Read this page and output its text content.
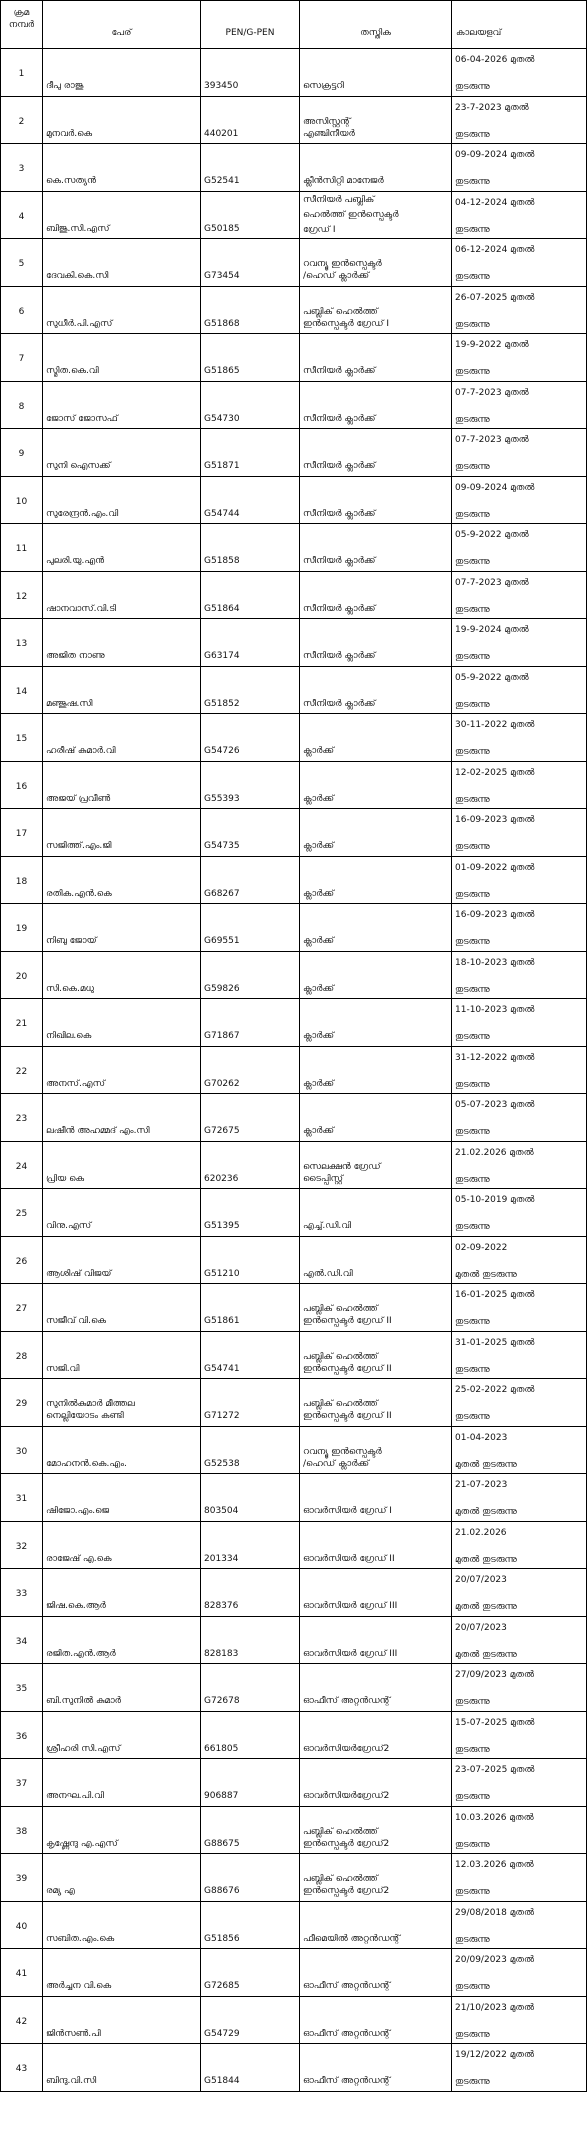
ക്രമ
നമ്പർ	പേര്	PEN/G-PEN	തസ്തിക	കാലയളവ്

1	ദീപു രാജു	393450	സെക്രട്ടറി	06-04-2026 മുതൽ
തുടരുന്നു

2	മുനവർ.കെ	440201	അസിസ്റ്റന്റ്
എഞ്ചിനീയർ	23-7-2023 മുതൽ
തുടരുന്നു

3	കെ.സത്യൻ	G52541	ക്ലീൻസിറ്റി മാനേജർ	09-09-2024 മുതൽ
തുടരുന്നു

4	ബിജു.സി.എസ്	G50185	സീനിയർ പബ്ലിക്
ഹെൽത്ത് ഇൻസ്പെക്ടർ
ഗ്രേഡ് I	04-12-2024 മുതൽ
തുടരുന്നു

5	ദേവകി.കെ.സി	G73454	റവന്യൂ ഇൻസ്പെക്ടർ
/ഹെഡ് ക്ലാർക്ക്	06-12-2024 മുതൽ
തുടരുന്നു

6	സുധീർ.പി.എസ്	G51868	പബ്ലിക് ഹെൽത്ത്
ഇൻസ്പെക്ടർ ഗ്രേഡ് I	26-07-2025 മുതൽ
തുടരുന്നു

7	സ്മിത.കെ.വി	G51865	സീനിയർ ക്ലാർക്ക്	19-9-2022 മുതൽ
തുടരുന്നു

8	ജോസ് ജോസഫ്	G54730	സീനിയർ ക്ലാർക്ക്	07-7-2023 മുതൽ
തുടരുന്നു

9	സുനി ഐസക്ക്	G51871	സീനിയർ ക്ലാർക്ക്	07-7-2023 മുതൽ
തുടരുന്നു

10	സുരേന്ദ്രൻ.എം.വി	G54744	സീനിയർ ക്ലാർക്ക്	09-09-2024 മുതൽ
തുടരുന്നു

11	പുലരി.യു.എൻ	G51858	സീനിയർ ക്ലാർക്ക്	05-9-2022 മുതൽ
തുടരുന്നു

12	ഷാനവാസ്.വി.ടി	G51864	സീനിയർ ക്ലാർക്ക്	07-7-2023 മുതൽ
തുടരുന്നു

13	അജിത നാണു	G63174	സീനിയർ ക്ലാർക്ക്	19-9-2024 മുതൽ
തുടരുന്നു

14	മഞ്ജുഷ.സി	G51852	സീനിയർ ക്ലാർക്ക്	05-9-2022 മുതൽ
തുടരുന്നു

15	ഹരീഷ് കുമാർ.വി	G54726	ക്ലാർക്ക്	30-11-2022 മുതൽ
തുടരുന്നു

16	അജയ് പ്രവീൺ	G55393	ക്ലാർക്ക്	12-02-2025 മുതൽ
തുടരുന്നു

17	സജിത്ത്.എം.ജി	G54735	ക്ലാർക്ക്	16-09-2023 മുതൽ
തുടരുന്നു

18	രതിക.എൻ.കെ	G68267	ക്ലാർക്ക്	01-09-2022 മുതൽ
തുടരുന്നു

19	നിബു ജോയ്	G69551	ക്ലാർക്ക്	16-09-2023 മുതൽ
തുടരുന്നു

20	സി.കെ.മധു	G59826	ക്ലാർക്ക്	18-10-2023 മുതൽ
തുടരുന്നു

21	നിഖില.കെ	G71867	ക്ലാർക്ക്	11-10-2023 മുതൽ
തുടരുന്നു

22	അനസ്.എസ്	G70262	ക്ലാർക്ക്	31-12-2022 മുതൽ
തുടരുന്നു

23	ലഷീൻ അഹമ്മദ് എം.സി	G72675	ക്ലാർക്ക്	05-07-2023 മുതൽ
തുടരുന്നു

24	പ്രിയ കെ	620236	സെലക്ഷൻ ഗ്രേഡ്
ടൈപ്പിസ്റ്റ്	21.02.2026 മുതൽ
തുടരുന്നു

25	വിനു.എസ്	G51395	എച്ച്.ഡി.വി	05-10-2019 മുതൽ
തുടരുന്നു

26	ആശിഷ് വിജയ്	G51210	എൽ.ഡി.വി	02-09-2022
മുതൽ തുടരുന്നു

27	സജീവ് വി.കെ	G51861	പബ്ലിക് ഹെൽത്ത്
ഇൻസ്പെക്ടർ ഗ്രേഡ് II	16-01-2025 മുതൽ
തുടരുന്നു

28	സജി.വി	G54741	പബ്ലിക് ഹെൽത്ത്
ഇൻസ്പെക്ടർ ഗ്രേഡ് II	31-01-2025 മുതൽ
തുടരുന്നു

29	സുനിൽകുമാർ മീത്തല
നെല്ലിയോടം കണ്ടി	G71272	പബ്ലിക് ഹെൽത്ത്
ഇൻസ്പെക്ടർ ഗ്രേഡ് II	25-02-2022 മുതൽ
തുടരുന്നു

30	മോഹനൻ.കെ.എം.	G52538	റവന്യൂ ഇൻസ്പെക്ടർ
/ഹെഡ് ക്ലാർക്ക്	01-04-2023
മുതൽ തുടരുന്നു

31	ഷിജോ.എം.ജെ	803504	ഓവർസിയർ ഗ്രേഡ് I	21-07-2023
മുതൽ തുടരുന്നു

32	രാജേഷ് എ.കെ	201334	ഓവർസിയർ ഗ്രേഡ് II	21.02.2026
മുതൽ തുടരുന്നു

33	ജിഷ.കെ.ആർ	828376	ഓവർസിയർ ഗ്രേഡ് III	20/07/2023
മുതൽ തുടരുന്നു

34	രജിത.എൻ.ആർ	828183	ഓവർസിയർ ഗ്രേഡ് III	20/07/2023
മുതൽ തുടരുന്നു

35	ബി.സുനിൽ കുമാർ	G72678	ഓഫീസ് അറ്റൻഡന്റ്	27/09/2023 മുതൽ
തുടരുന്നു

36	ശ്രീഹരി സി.എസ്	661805	ഓവർസിയർഗ്രേഡ്2	15-07-2025 മുതൽ
തുടരുന്നു

37	അനഘ.പി.വി	906887	ഓവർസിയർഗ്രേഡ്2	23-07-2025 മുതൽ
തുടരുന്നു

38	കൃഷ്ണേന്ദു എ.എസ്	G88675	പബ്ലിക് ഹെൽത്ത്
ഇൻസ്പെക്ടർ ഗ്രേഡ്2	10.03.2026 മുതൽ
തുടരുന്നു

39	രമ്യ എ	G88676	പബ്ലിക് ഹെൽത്ത്
ഇൻസ്പെക്ടർ ഗ്രേഡ്2	12.03.2026 മുതൽ
തുടരുന്നു

40	സബിത.എം.കെ	G51856	ഫീമെയിൽ അറ്റൻഡന്റ്	29/08/2018 മുതൽ
തുടരുന്നു

41	അർച്ചന വി.കെ	G72685	ഓഫീസ് അറ്റൻഡന്റ്	20/09/2023 മുതൽ
തുടരുന്നു

42	ജിൻസൺ.പി	G54729	ഓഫീസ് അറ്റൻഡന്റ്	21/10/2023 മുതൽ
തുടരുന്നു

43	ബിന്ദു.വി.സി	G51844	ഓഫീസ് അറ്റൻഡന്റ്	19/12/2022 മുതൽ
തുടരുന്നു
